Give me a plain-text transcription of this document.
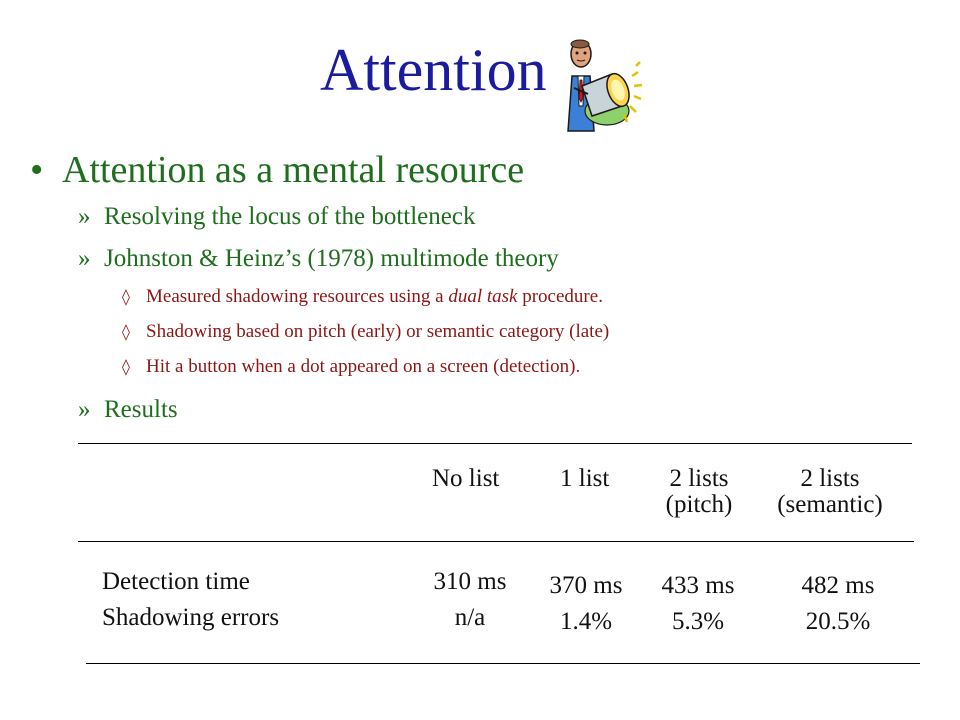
Attention
• Attention as a mental resource
» Resolving the locus of the bottleneck
» Johnston & Heinz’s (1978) multimode theory
◊ Measured shadowing resources using a dual task procedure.
◊ Shadowing based on pitch (early) or semantic category (late)
◊ Hit a button when a dot appeared on a screen (detection).
» Results
No list 1 list	2 lists
(pitch)
2 lists
(semantic)
Detection time
Shadowing errors
310 ms
n/a
370 ms
1.4%
433 ms
5.3%
482 ms
20.5%
